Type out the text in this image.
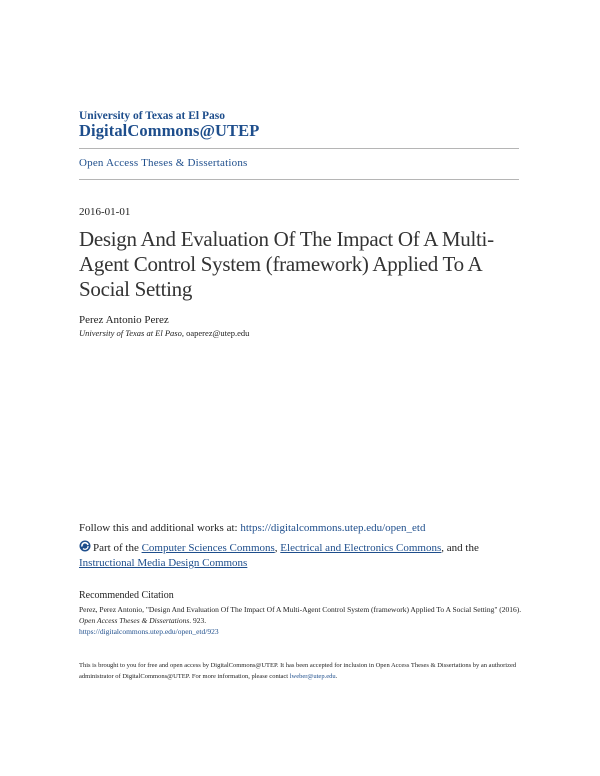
University of Texas at El Paso
DigitalCommons@UTEP
Open Access Theses & Dissertations
2016-01-01
Design And Evaluation Of The Impact Of A Multi-Agent Control System (framework) Applied To A Social Setting
Perez Antonio Perez
University of Texas at El Paso, oaperez@utep.edu
Follow this and additional works at: https://digitalcommons.utep.edu/open_etd
Part of the Computer Sciences Commons, Electrical and Electronics Commons, and the Instructional Media Design Commons
Recommended Citation
Perez, Perez Antonio, "Design And Evaluation Of The Impact Of A Multi-Agent Control System (framework) Applied To A Social Setting" (2016). Open Access Theses & Dissertations. 923.
https://digitalcommons.utep.edu/open_etd/923
This is brought to you for free and open access by DigitalCommons@UTEP. It has been accepted for inclusion in Open Access Theses & Dissertations by an authorized administrator of DigitalCommons@UTEP. For more information, please contact lweber@utep.edu.
